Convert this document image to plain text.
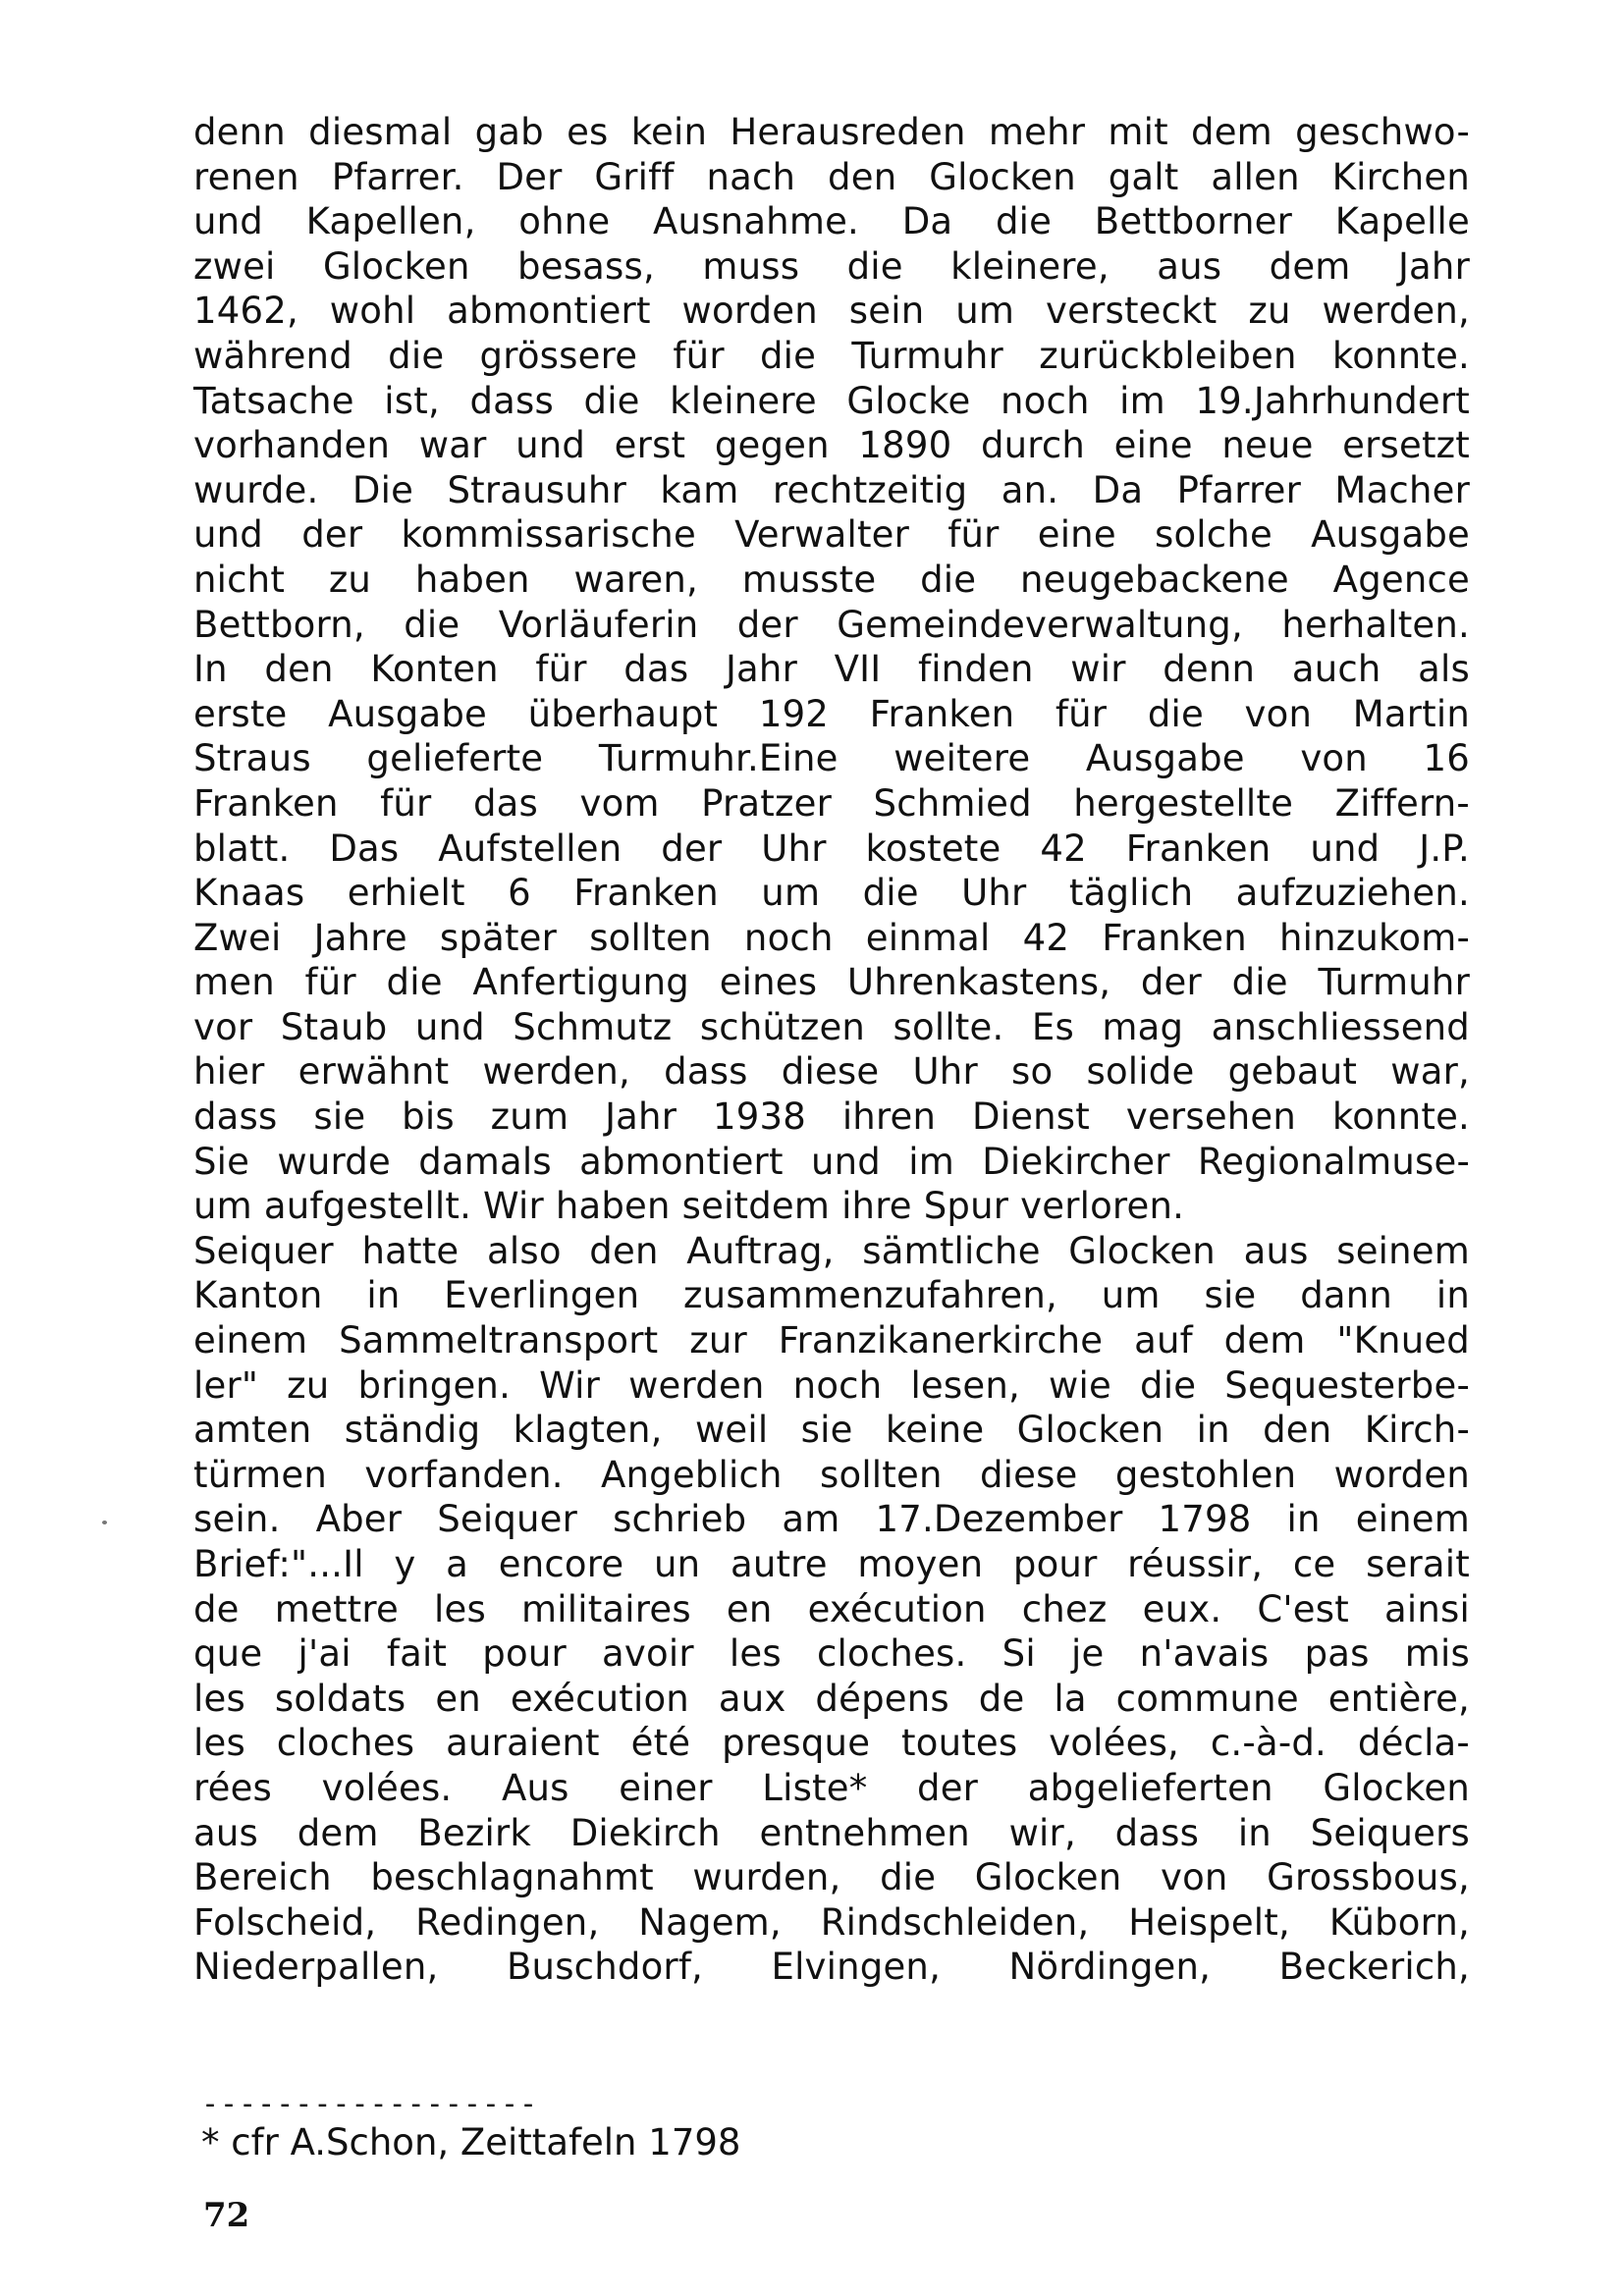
denn diesmal gab es kein Herausreden mehr mit dem geschwo-
renen Pfarrer. Der Griff nach den Glocken galt allen Kirchen
und Kapellen, ohne Ausnahme. Da die Bettborner Kapelle
zwei Glocken besass, muss die kleinere, aus dem Jahr
1462, wohl abmontiert worden sein um versteckt zu werden,
während die grössere für die Turmuhr zurückbleiben konnte.
Tatsache ist, dass die kleinere Glocke noch im 19.Jahrhundert
vorhanden war und erst gegen 1890 durch eine neue ersetzt
wurde. Die Strausuhr kam rechtzeitig an. Da Pfarrer Macher
und der kommissarische Verwalter für eine solche Ausgabe
nicht zu haben waren, musste die neugebackene Agence
Bettborn, die Vorläuferin der Gemeindeverwaltung, herhalten.
In den Konten für das Jahr VII finden wir denn auch als
erste Ausgabe überhaupt 192 Franken für die von Martin
Straus gelieferte Turmuhr.Eine weitere Ausgabe von 16
Franken für das vom Pratzer Schmied hergestellte Ziffern-
blatt. Das Aufstellen der Uhr kostete 42 Franken und J.P.
Knaas erhielt 6 Franken um die Uhr täglich aufzuziehen.
Zwei Jahre später sollten noch einmal 42 Franken hinzukom-
men für die Anfertigung eines Uhrenkastens, der die Turmuhr
vor Staub und Schmutz schützen sollte. Es mag anschliessend
hier erwähnt werden, dass diese Uhr so solide gebaut war,
dass sie bis zum Jahr 1938 ihren Dienst versehen konnte.
Sie wurde damals abmontiert und im Diekircher Regionalmuse-
um aufgestellt. Wir haben seitdem ihre Spur verloren.
Seiquer hatte also den Auftrag, sämtliche Glocken aus seinem
Kanton in Everlingen zusammenzufahren, um sie dann in
einem Sammeltransport zur Franzikanerkirche auf dem "Knued
ler" zu bringen. Wir werden noch lesen, wie die Sequesterbe-
amten ständig klagten, weil sie keine Glocken in den Kirch-
türmen vorfanden. Angeblich sollten diese gestohlen worden
sein. Aber Seiquer schrieb am 17.Dezember 1798 in einem
Brief:"...Il y a encore un autre moyen pour réussir, ce serait
de mettre les militaires en exécution chez eux. C'est ainsi
que j'ai fait pour avoir les cloches. Si je n'avais pas mis
les soldats en exécution aux dépens de la commune entière,
les cloches auraient été presque toutes volées, c.-à-d. décla-
rées volées. Aus einer Liste* der abgelieferten Glocken
aus dem Bezirk Diekirch entnehmen wir, dass in Seiquers
Bereich beschlagnahmt wurden, die Glocken von Grossbous,
Folscheid, Redingen, Nagem, Rindschleiden, Heispelt, Küborn,
Niederpallen, Buschdorf, Elvingen, Nördingen, Beckerich,
------------------
* cfr A.Schon, Zeittafeln 1798
72
